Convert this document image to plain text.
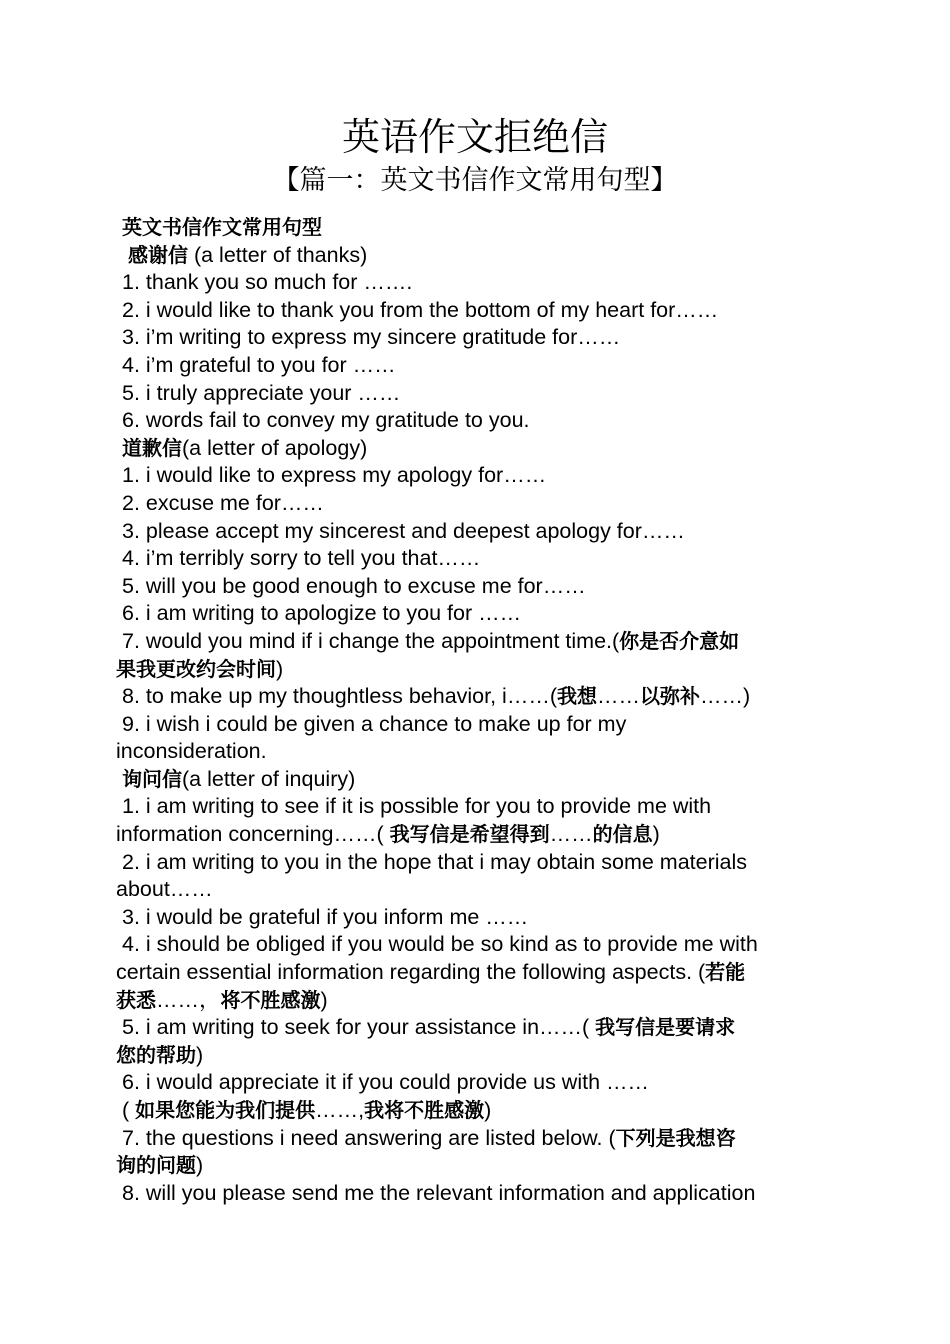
英语作文拒绝信
【篇一：英文书信作文常用句型】
英文书信作文常用句型
感谢信 (a letter of thanks)
1. thank you so much for …….
2. i would like to thank you from the bottom of my heart for……
3. i’m writing to express my sincere gratitude for……
4. i’m grateful to you for ……
5. i truly appreciate your ……
6. words fail to convey my gratitude to you.
道歉信(a letter of apology)
1. i would like to express my apology for……
2. excuse me for……
3. please accept my sincerest and deepest apology for……
4. i’m terribly sorry to tell you that……
5. will you be good enough to excuse me for……
6. i am writing to apologize to you for ……
7. would you mind if i change the appointment time.(你是否介意如
果我更改约会时间)
8. to make up my thoughtless behavior, i……(我想……以弥补……)
9. i wish i could be given a chance to make up for my
inconsideration.
询问信(a letter of inquiry)
1. i am writing to see if it is possible for you to provide me with
information concerning……( 我写信是希望得到……的信息)
2. i am writing to you in the hope that i may obtain some materials
about……
3. i would be grateful if you inform me ……
4. i should be obliged if you would be so kind as to provide me with
certain essential information regarding the following aspects. (若能
获悉……，将不胜感激)
5. i am writing to seek for your assistance in……( 我写信是要请求
您的帮助)
6. i would appreciate it if you could provide us with ……
( 如果您能为我们提供……,我将不胜感激)
7. the questions i need answering are listed below. (下列是我想咨
询的问题)
8. will you please send me the relevant information and application
